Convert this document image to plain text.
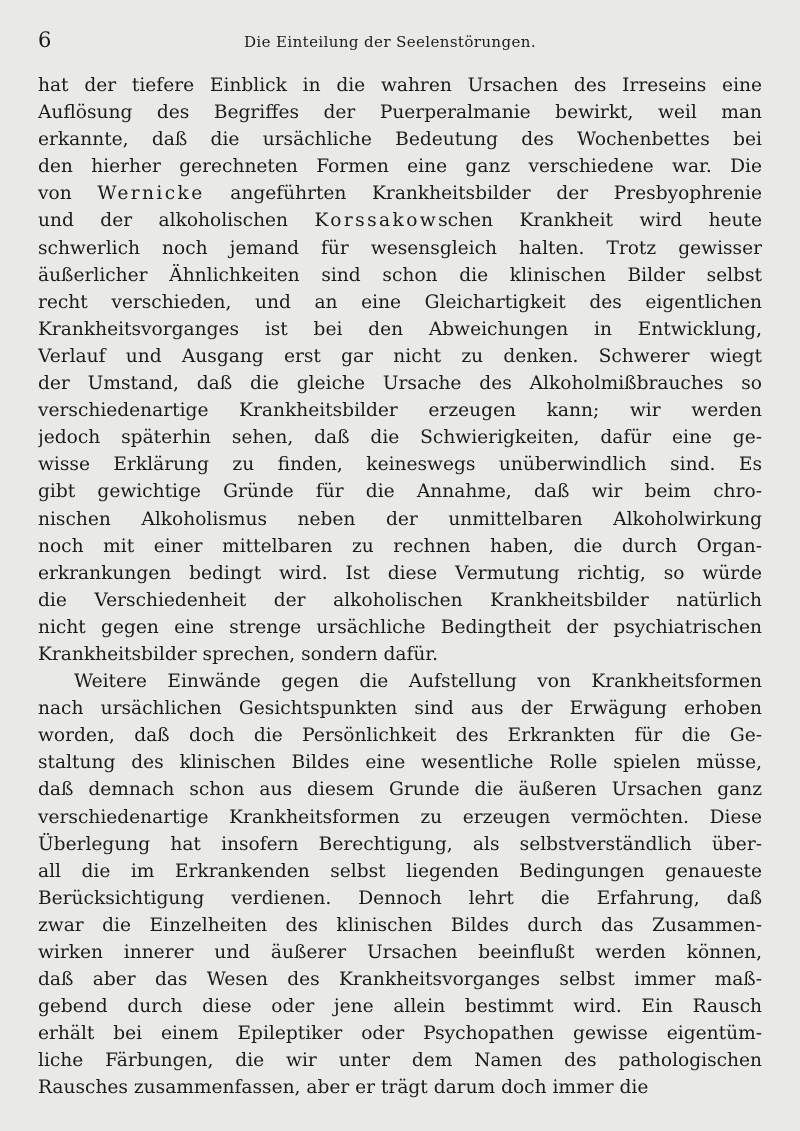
6	Die Einteilung der Seelenstörungen.
hat der tiefere Einblick in die wahren Ursachen des Irreseins eine
Auflösung des Begriffes der Puerperalmanie bewirkt, weil man
erkannte, daß die ursächliche Bedeutung des Wochenbettes bei
den hierher gerechneten Formen eine ganz verschiedene war. Die
von Wernicke angeführten Krankheitsbilder der Presbyophrenie
und der alkoholischen Korssakowschen Krankheit wird heute
schwerlich noch jemand für wesensgleich halten. Trotz gewisser
äußerlicher Ähnlichkeiten sind schon die klinischen Bilder selbst
recht verschieden, und an eine Gleichartigkeit des eigentlichen
Krankheitsvorganges ist bei den Abweichungen in Entwicklung,
Verlauf und Ausgang erst gar nicht zu denken. Schwerer wiegt
der Umstand, daß die gleiche Ursache des Alkoholmißbrauches so
verschiedenartige Krankheitsbilder erzeugen kann; wir werden
jedoch späterhin sehen, daß die Schwierigkeiten, dafür eine ge-
wisse Erklärung zu finden, keineswegs unüberwindlich sind. Es
gibt gewichtige Gründe für die Annahme, daß wir beim chro-
nischen Alkoholismus neben der unmittelbaren Alkoholwirkung
noch mit einer mittelbaren zu rechnen haben, die durch Organ-
erkrankungen bedingt wird. Ist diese Vermutung richtig, so würde
die Verschiedenheit der alkoholischen Krankheitsbilder natürlich
nicht gegen eine strenge ursächliche Bedingtheit der psychiatrischen
Krankheitsbilder sprechen, sondern dafür.
Weitere Einwände gegen die Aufstellung von Krankheitsformen
nach ursächlichen Gesichtspunkten sind aus der Erwägung erhoben
worden, daß doch die Persönlichkeit des Erkrankten für die Ge-
staltung des klinischen Bildes eine wesentliche Rolle spielen müsse,
daß demnach schon aus diesem Grunde die äußeren Ursachen ganz
verschiedenartige Krankheitsformen zu erzeugen vermöchten. Diese
Überlegung hat insofern Berechtigung, als selbstverständlich über-
all die im Erkrankenden selbst liegenden Bedingungen genaueste
Berücksichtigung verdienen. Dennoch lehrt die Erfahrung, daß
zwar die Einzelheiten des klinischen Bildes durch das Zusammen-
wirken innerer und äußerer Ursachen beeinflußt werden können,
daß aber das Wesen des Krankheitsvorganges selbst immer maß-
gebend durch diese oder jene allein bestimmt wird. Ein Rausch
erhält bei einem Epileptiker oder Psychopathen gewisse eigentüm-
liche Färbungen, die wir unter dem Namen des pathologischen
Rausches zusammenfassen, aber er trägt darum doch immer die
